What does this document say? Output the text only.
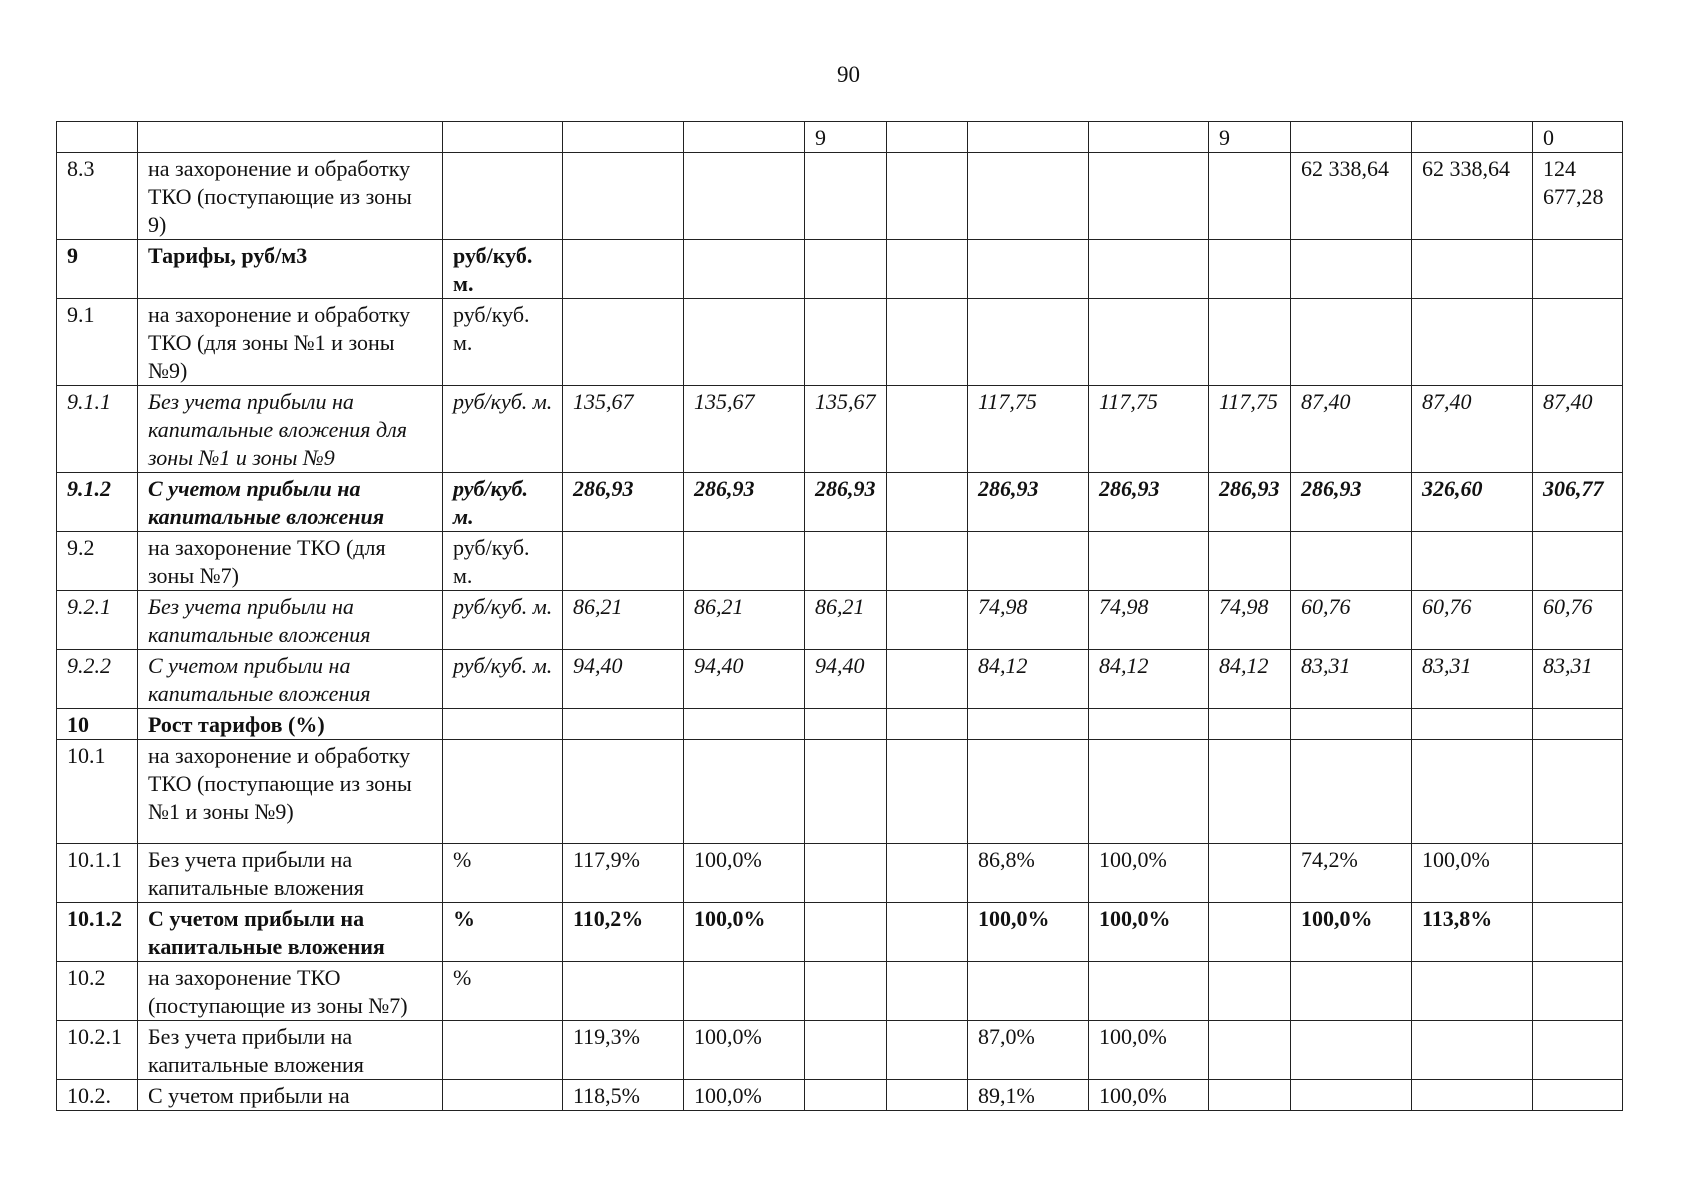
90
					9				9			0
8.3	на захоронение и обработку ТКО (поступающие из зоны 9)									62 338,64	62 338,64	124 677,28
9	Тарифы, руб/м3	руб/куб. м.										
9.1	на захоронение и обработку ТКО (для зоны №1 и зоны №9)	руб/куб. м.										
9.1.1	Без учета прибыли на капитальные вложения для зоны №1 и зоны №9	руб/куб. м.	135,67	135,67	135,67		117,75	117,75	117,75	87,40	87,40	87,40
9.1.2	С учетом прибыли на капитальные вложения	руб/куб. м.	286,93	286,93	286,93		286,93	286,93	286,93	286,93	326,60	306,77
9.2	на захоронение ТКО (для зоны №7)	руб/куб. м.										
9.2.1	Без учета прибыли на капитальные вложения	руб/куб. м.	86,21	86,21	86,21		74,98	74,98	74,98	60,76	60,76	60,76
9.2.2	С учетом прибыли на капитальные вложения	руб/куб. м.	94,40	94,40	94,40		84,12	84,12	84,12	83,31	83,31	83,31
10	Рост тарифов (%)											
10.1	на захоронение и обработку ТКО (поступающие из зоны №1 и зоны №9)											
10.1.1	Без учета прибыли на капитальные вложения	%	117,9%	100,0%			86,8%	100,0%		74,2%	100,0%	
10.1.2	С учетом прибыли на капитальные вложения	%	110,2%	100,0%			100,0%	100,0%		100,0%	113,8%	
10.2	на захоронение ТКО (поступающие из зоны №7)	%										
10.2.1	Без учета прибыли на капитальные вложения		119,3%	100,0%			87,0%	100,0%				
10.2.	С учетом прибыли на		118,5%	100,0%			89,1%	100,0%				
